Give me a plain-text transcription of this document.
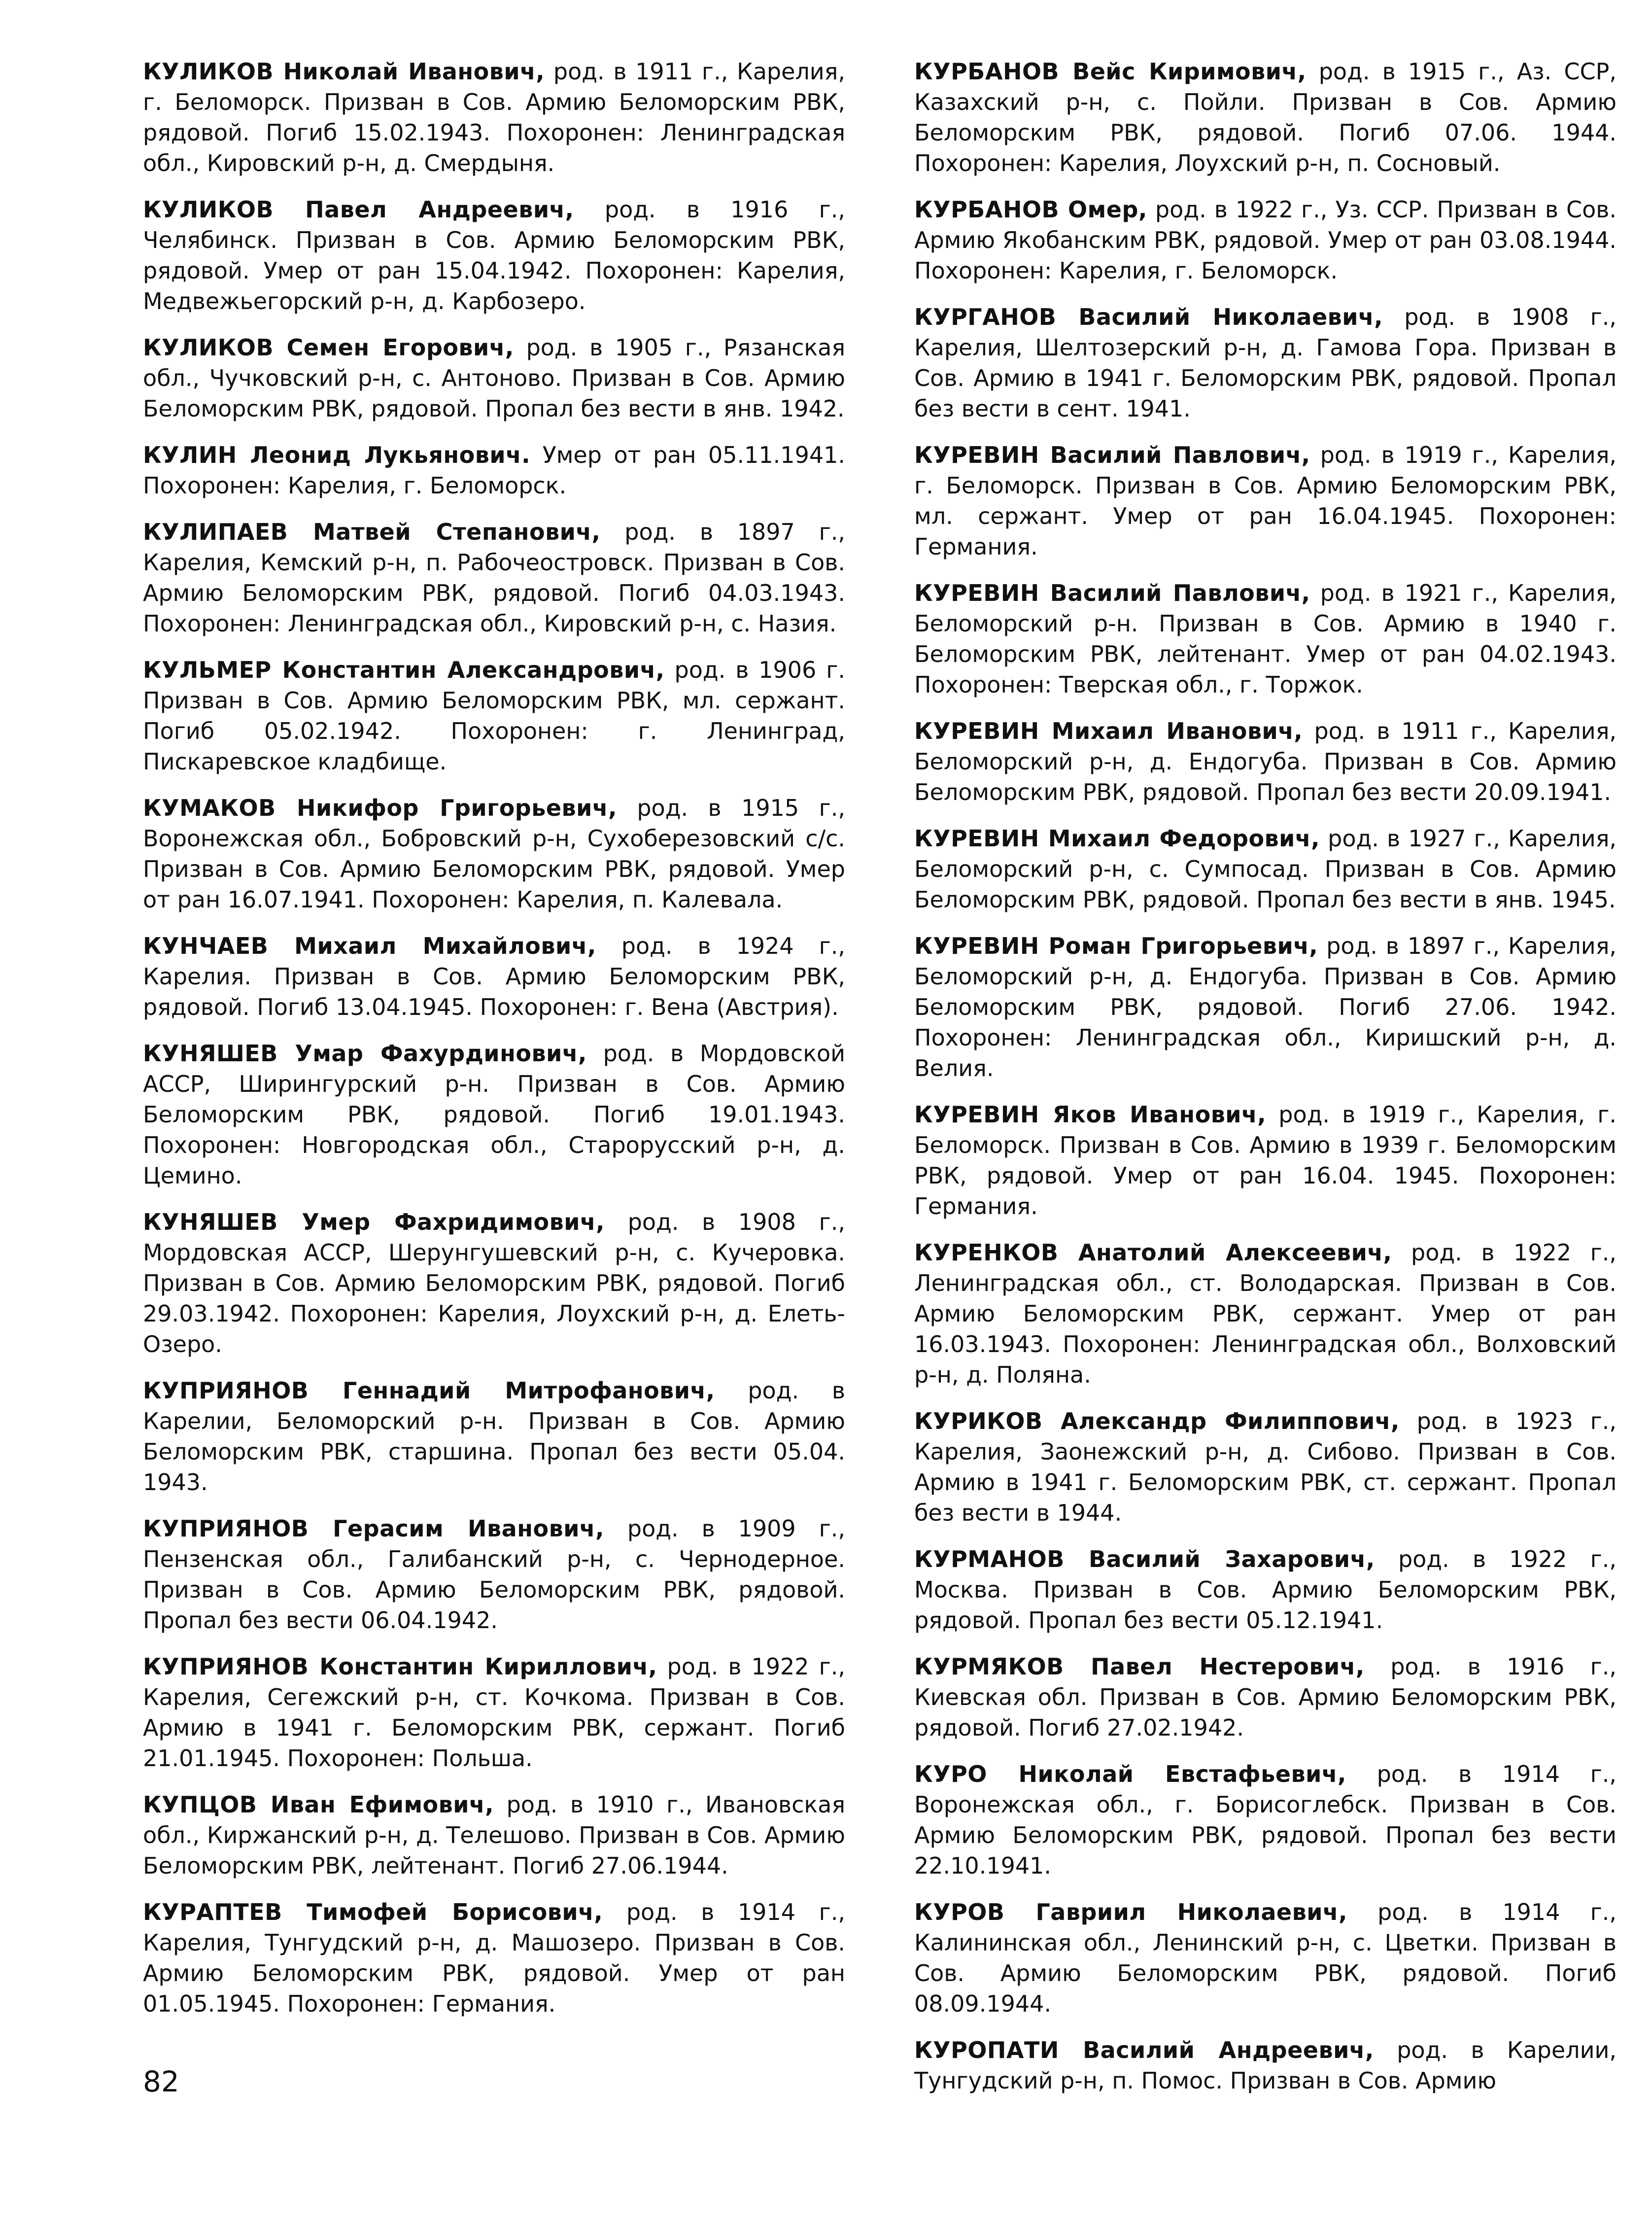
КУЛИКОВ Николай Иванович, род. в 1911 г., Карелия, г. Беломорск. Призван в Сов. Армию Беломорским РВК, рядовой. Погиб 15.02.1943. Похоронен: Ленинградская обл., Кировский р-н, д. Смердыня.

КУЛИКОВ Павел Андреевич, род. в 1916 г., Челябинск. Призван в Сов. Армию Беломорским РВК, рядовой. Умер от ран 15.04.1942. Похоронен: Карелия, Медвежьегорский р-н, д. Карбозеро.

КУЛИКОВ Семен Егорович, род. в 1905 г., Рязанская обл., Чучковский р-н, с. Антоново. Призван в Сов. Армию Беломорским РВК, рядовой. Пропал без вести в янв. 1942.

КУЛИН Леонид Лукьянович. Умер от ран 05.11.1941. Похоронен: Карелия, г. Беломорск.

КУЛИПАЕВ Матвей Степанович, род. в 1897 г., Карелия, Кемский р-н, п. Рабочеостровск. Призван в Сов. Армию Беломорским РВК, рядовой. Погиб 04.03.1943. Похоронен: Ленинградская обл., Кировский р-н, с. Назия.

КУЛЬМЕР Константин Александрович, род. в 1906 г. Призван в Сов. Армию Беломорским РВК, мл. сержант. Погиб 05.02.1942. Похоронен: г. Ленинград, Пискаревское кладбище.

КУМАКОВ Никифор Григорьевич, род. в 1915 г., Воронежская обл., Бобровский р-н, Сухоберезовский с/с. Призван в Сов. Армию Беломорским РВК, рядовой. Умер от ран 16.07.1941. Похоронен: Карелия, п. Калевала.

КУНЧАЕВ Михаил Михайлович, род. в 1924 г., Карелия. Призван в Сов. Армию Беломорским РВК, рядовой. Погиб 13.04.1945. Похоронен: г. Вена (Австрия).

КУНЯШЕВ Умар Фахурдинович, род. в Мордовской АССР, Ширингурский р-н. Призван в Сов. Армию Беломорским РВК, рядовой. Погиб 19.01.1943. Похоронен: Новгородская обл., Старорусский р-н, д. Цемино.

КУНЯШЕВ Умер Фахридимович, род. в 1908 г., Мордовская АССР, Шерунгушевский р-н, с. Кучеровка. Призван в Сов. Армию Беломорским РВК, рядовой. Погиб 29.03.1942. Похоронен: Карелия, Лоухский р-н, д. Елеть-Озеро.

КУПРИЯНОВ Геннадий Митрофанович, род. в Карелии, Беломорский р-н. Призван в Сов. Армию Беломорским РВК, старшина. Пропал без вести 05.04. 1943.

КУПРИЯНОВ Герасим Иванович, род. в 1909 г., Пензенская обл., Галибанский р-н, с. Чернодерное. Призван в Сов. Армию Беломорским РВК, рядовой. Пропал без вести 06.04.1942.

КУПРИЯНОВ Константин Кириллович, род. в 1922 г., Карелия, Сегежский р-н, ст. Кочкома. Призван в Сов. Армию в 1941 г. Беломорским РВК, сержант. Погиб 21.01.1945. Похоронен: Польша.

КУПЦОВ Иван Ефимович, род. в 1910 г., Ивановская обл., Киржанский р-н, д. Телешово. Призван в Сов. Армию Беломорским РВК, лейтенант. Погиб 27.06.1944.

КУРАПТЕВ Тимофей Борисович, род. в 1914 г., Карелия, Тунгудский р-н, д. Машозеро. Призван в Сов. Армию Беломорским РВК, рядовой. Умер от ран 01.05.1945. Похоронен: Германия.

КУРБАНОВ Вейс Киримович, род. в 1915 г., Аз. ССР, Казахский р-н, с. Пойли. Призван в Сов. Армию Беломорским РВК, рядовой. Погиб 07.06. 1944. Похоронен: Карелия, Лоухский р-н, п. Сосновый.

КУРБАНОВ Омер, род. в 1922 г., Уз. ССР. Призван в Сов. Армию Якобанским РВК, рядовой. Умер от ран 03.08.1944. Похоронен: Карелия, г. Беломорск.

КУРГАНОВ Василий Николаевич, род. в 1908 г., Карелия, Шелтозерский р-н, д. Гамова Гора. Призван в Сов. Армию в 1941 г. Беломорским РВК, рядовой. Пропал без вести в сент. 1941.

КУРЕВИН Василий Павлович, род. в 1919 г., Карелия, г. Беломорск. Призван в Сов. Армию Беломорским РВК, мл. сержант. Умер от ран 16.04.1945. Похоронен: Германия.

КУРЕВИН Василий Павлович, род. в 1921 г., Карелия, Беломорский р-н. Призван в Сов. Армию в 1940 г. Беломорским РВК, лейтенант. Умер от ран 04.02.1943. Похоронен: Тверская обл., г. Торжок.

КУРЕВИН Михаил Иванович, род. в 1911 г., Карелия, Беломорский р-н, д. Ендогуба. Призван в Сов. Армию Беломорским РВК, рядовой. Пропал без вести 20.09.1941.

КУРЕВИН Михаил Федорович, род. в 1927 г., Карелия, Беломорский р-н, с. Сумпосад. Призван в Сов. Армию Беломорским РВК, рядовой. Пропал без вести в янв. 1945.

КУРЕВИН Роман Григорьевич, род. в 1897 г., Карелия, Беломорский р-н, д. Ендогуба. Призван в Сов. Армию Беломорским РВК, рядовой. Погиб 27.06. 1942. Похоронен: Ленинградская обл., Киришский р-н, д. Велия.

КУРЕВИН Яков Иванович, род. в 1919 г., Карелия, г. Беломорск. Призван в Сов. Армию в 1939 г. Беломорским РВК, рядовой. Умер от ран 16.04. 1945. Похоронен: Германия.

КУРЕНКОВ Анатолий Алексеевич, род. в 1922 г., Ленинградская обл., ст. Володарская. Призван в Сов. Армию Беломорским РВК, сержант. Умер от ран 16.03.1943. Похоронен: Ленинградская обл., Волховский р-н, д. Поляна.

КУРИКОВ Александр Филиппович, род. в 1923 г., Карелия, Заонежский р-н, д. Сибово. Призван в Сов. Армию в 1941 г. Беломорским РВК, ст. сержант. Пропал без вести в 1944.

КУРМАНОВ Василий Захарович, род. в 1922 г., Москва. Призван в Сов. Армию Беломорским РВК, рядовой. Пропал без вести 05.12.1941.

КУРМЯКОВ Павел Нестерович, род. в 1916 г., Киевская обл. Призван в Сов. Армию Беломорским РВК, рядовой. Погиб 27.02.1942.

КУРО Николай Евстафьевич, род. в 1914 г., Воронежская обл., г. Борисоглебск. Призван в Сов. Армию Беломорским РВК, рядовой. Пропал без вести 22.10.1941.

КУРОВ Гавриил Николаевич, род. в 1914 г., Калининская обл., Ленинский р-н, с. Цветки. Призван в Сов. Армию Беломорским РВК, рядовой. Погиб 08.09.1944.

КУРОПАТИ Василий Андреевич, род. в Карелии, Тунгудский р-н, п. Помос. Призван в Сов. Армию

82
